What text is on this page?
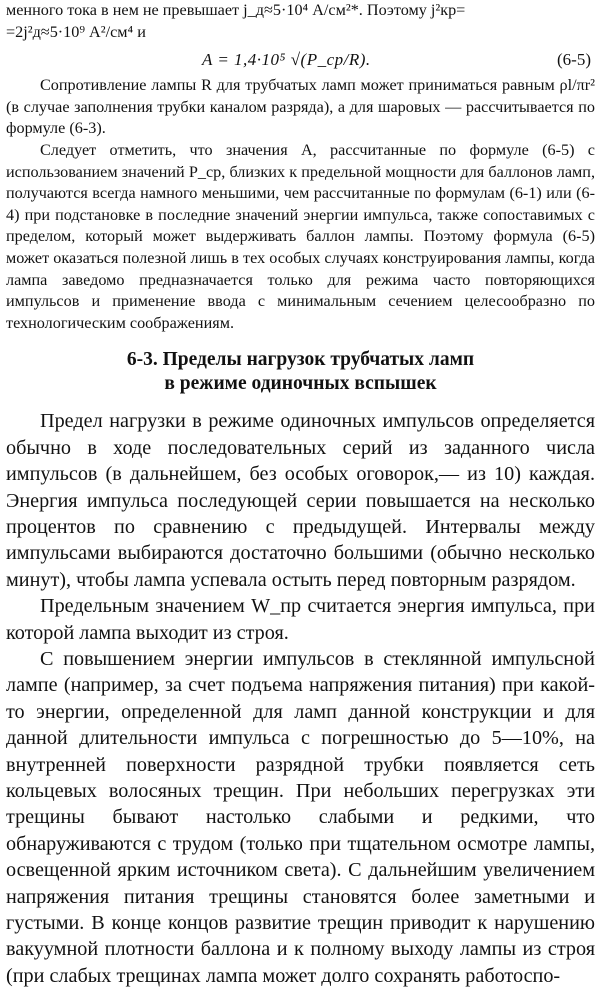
менного тока в нем не превышает j_д≈5·10⁴ А/см²*. Поэтому j²кр=

=2j²д≈5·10⁹ А²/см⁴ и

A = 1,4·10⁵ √(P_ср/R).	(6-5)

Сопротивление лампы R для трубчатых ламп может приниматься равным ρl/πr² (в случае заполнения трубки каналом разряда), а для шаровых — рассчитывается по формуле (6-3).

Следует отметить, что значения A, рассчитанные по формуле (6-5) с использованием значений P_ср, близких к предельной мощности для баллонов ламп, получаются всегда намного меньшими, чем рассчитанные по формулам (6-1) или (6-4) при подстановке в последние значений энергии импульса, также сопоставимых с пределом, который может выдерживать баллон лампы. Поэтому формула (6-5) может оказаться полезной лишь в тех особых случаях конструирования лампы, когда лампа заведомо предназначается только для режима часто повторяющихся импульсов и применение ввода с минимальным сечением целесообразно по технологическим соображениям.

6-3. Пределы нагрузок трубчатых ламп
в режиме одиночных вспышек

Предел нагрузки в режиме одиночных импульсов определяется обычно в ходе последовательных серий из заданного числа импульсов (в дальнейшем, без особых оговорок,— из 10) каждая. Энергия импульса последующей серии повышается на несколько процентов по сравнению с предыдущей. Интервалы между импульсами выбираются достаточно большими (обычно несколько минут), чтобы лампа успевала остыть перед повторным разрядом.

Предельным значением W_пр считается энергия импульса, при которой лампа выходит из строя.

С повышением энергии импульсов в стеклянной импульсной лампе (например, за счет подъема напряжения питания) при какой-то энергии, определенной для ламп данной конструкции и для данной длительности импульса с погрешностью до 5—10%, на внутренней поверхности разрядной трубки появляется сеть кольцевых волосяных трещин. При небольших перегрузках эти трещины бывают настолько слабыми и редкими, что обнаруживаются с трудом (только при тщательном осмотре лампы, освещенной ярким источником света). С дальнейшим увеличением напряжения питания трещины становятся более заметными и густыми. В конце концов развитие трещин приводит к нарушению вакуумной плотности баллона и к полному выходу лампы из строя (при слабых трещинах лампа может долго сохранять работоспо-
